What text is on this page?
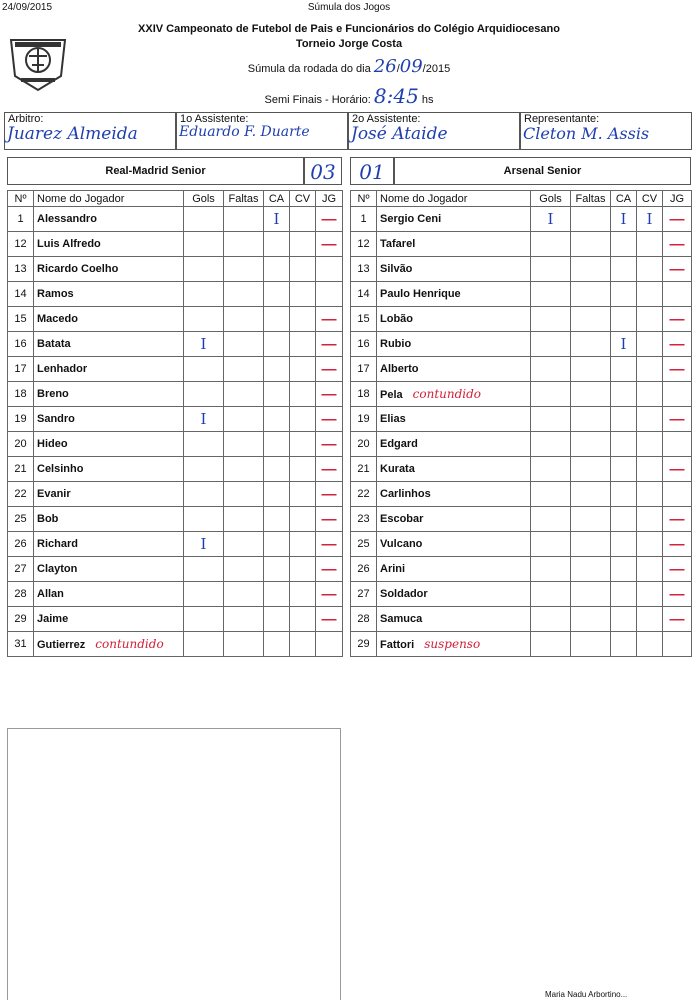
24/09/2015	Súmula dos Jogos
XXIV Campeonato de Futebol de Pais e Funcionários do Colégio Arquidiocesano
Torneio Jorge Costa
Súmula da rodada do dia 26/09/2015
Semi Finais - Horário: 8:45 hs
Arbitro:
Juarez Almeida
1o Assistente:
Eduardo F. Duarte
2o Assistente:
José Ataide
Representante:
Cleton M. Assis
Real-Madrid Senior	03	01	Arsenal Senior
Nº	Nome do Jogador	Gols	Faltas	CA	CV	JG
1	Alessandro			I		—

12	Luis Alfredo					—

13	Ricardo Coelho					
14	Ramos					
15	Macedo					—

16	Batata	I				—

17	Lenhador					—

18	Breno					—

19	Sandro	I				—

20	Hideo					—

21	Celsinho					—

22	Evanir					—

25	Bob					—

26	Richard	I				—

27	Clayton					—

28	Allan					—

29	Jaime					—

31	Gutierrez contundido					
Nº	Nome do Jogador	Gols	Faltas	CA	CV	JG
1	Sergio Ceni	I		I	I	—

12	Tafarel					—

13	Silvão					—

14	Paulo Henrique					
15	Lobão					—

16	Rubio			I		—

17	Alberto					—

18	Pela contundido					
19	Elias					—

20	Edgard					
21	Kurata					—

22	Carlinhos					
23	Escobar					—

25	Vulcano					—

26	Arini					—

27	Soldador					—

28	Samuca					—

29	Fattori suspenso					
Maria Nadu Arbortino...
